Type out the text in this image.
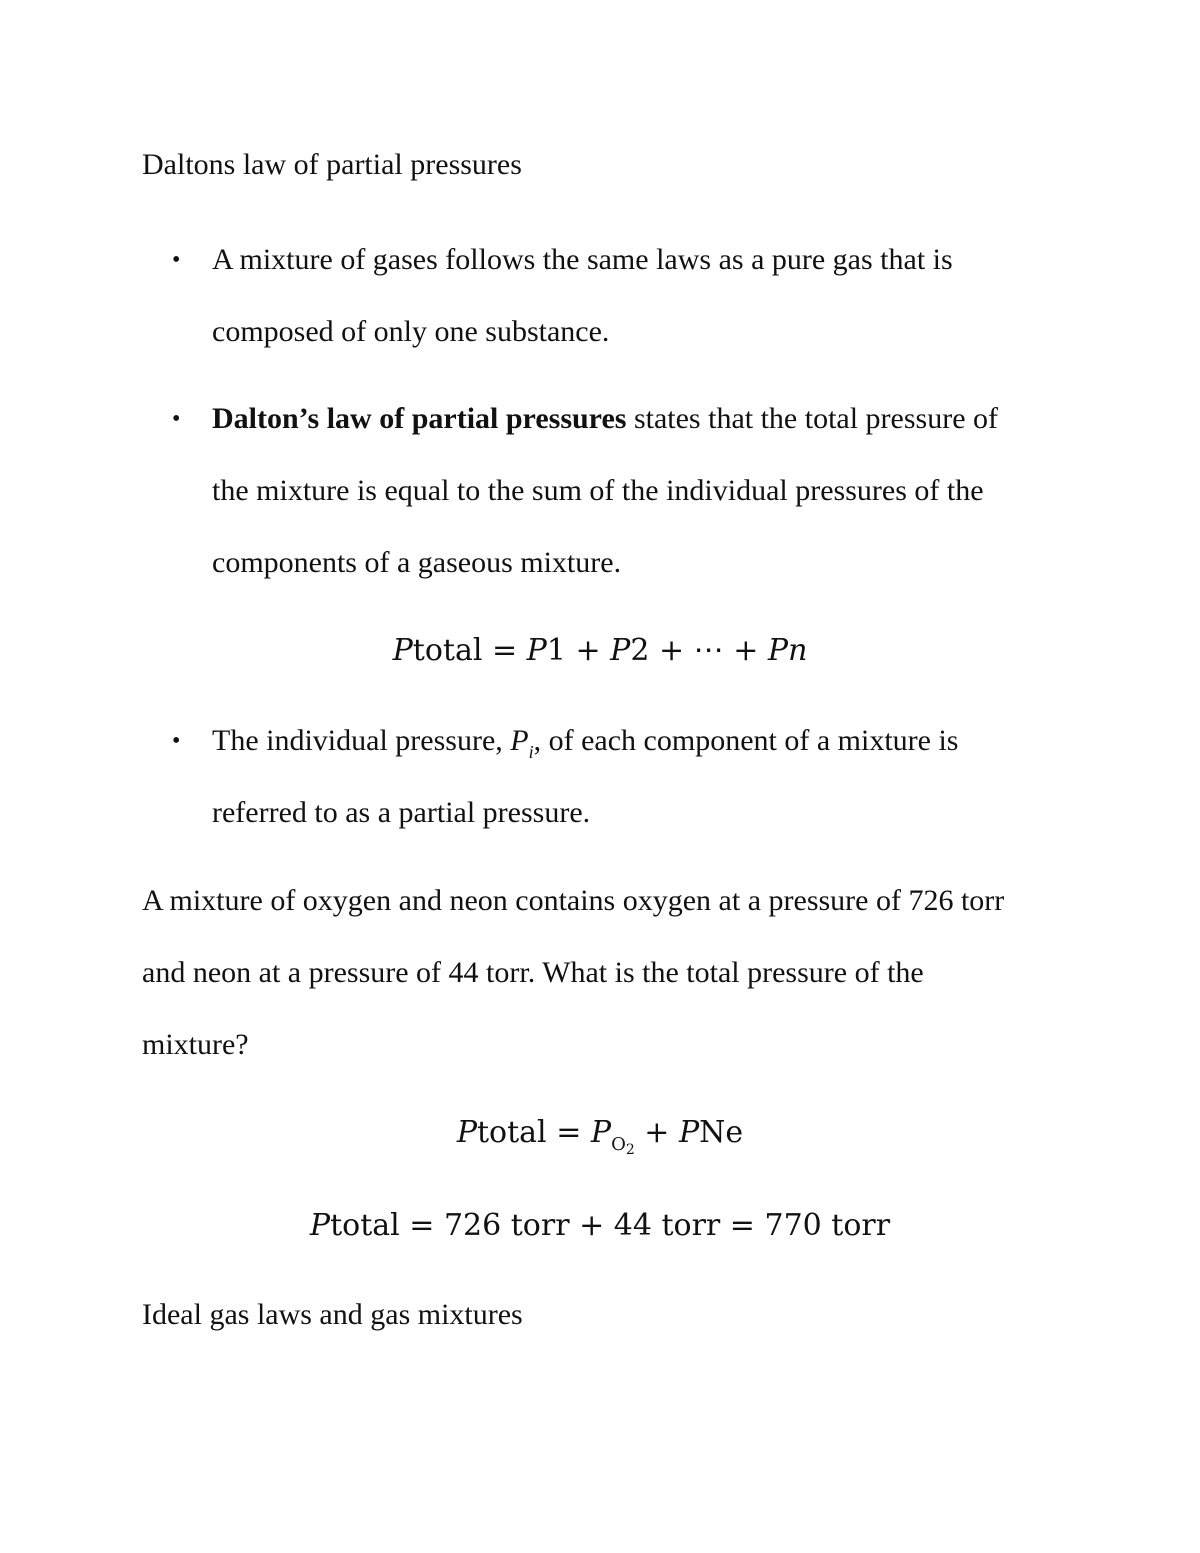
Daltons law of partial pressures
• A mixture of gases follows the same laws as a pure gas that is
composed of only one substance.
• Dalton’s law of partial pressures states that the total pressure of
the mixture is equal to the sum of the individual pressures of the
components of a gaseous mixture.
Ptotal = P1 + P2 + ⋯ + Pn
• The individual pressure, $P_i$, of each component of a mixture is
referred to as a partial pressure.
A mixture of oxygen and neon contains oxygen at a pressure of 726 torr
and neon at a pressure of 44 torr. What is the total pressure of the
mixture?
Ptotal = $P_{O_2}$ + PNe
Ptotal = 726 torr + 44 torr = 770 torr
Ideal gas laws and gas mixtures
